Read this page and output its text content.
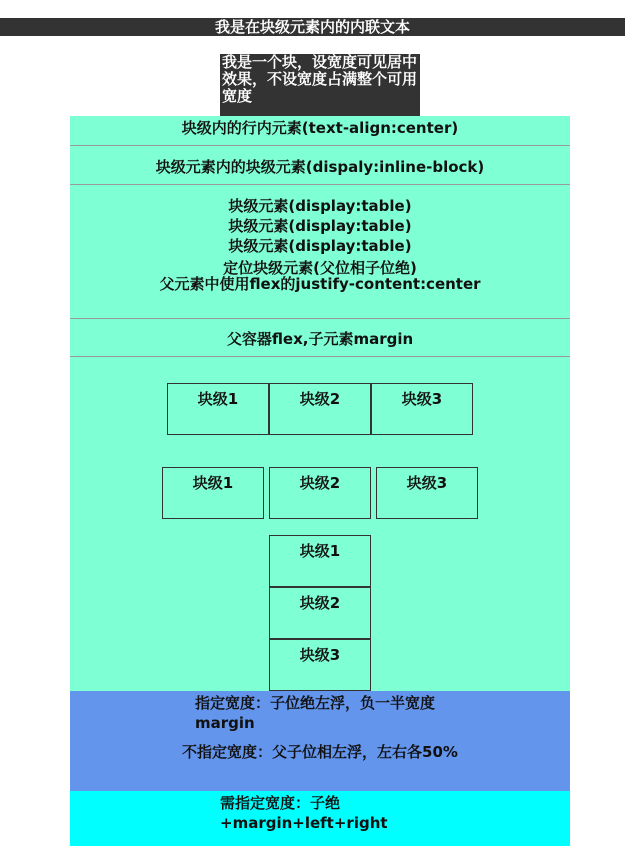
我是在块级元素内的内联文本
我是一个块，设宽度可见居中效果，不设宽度占满整个可用宽度
块级内的行内元素(text-align:center)
块级元素内的块级元素(dispaly:inline-block)
块级元素(display:table)
块级元素(display:table)
块级元素(display:table)
定位块级元素(父位相子位绝)
父元素中使用flex的justify-content:center
父容器flex,子元素margin
块级1	块级2	块级3
块级1	块级2	块级3
块级1
块级2
块级3
指定宽度：子位绝左浮，负一半宽度margin
不指定宽度：父子位相左浮，左右各50%
需指定宽度：子绝+margin+left+right
